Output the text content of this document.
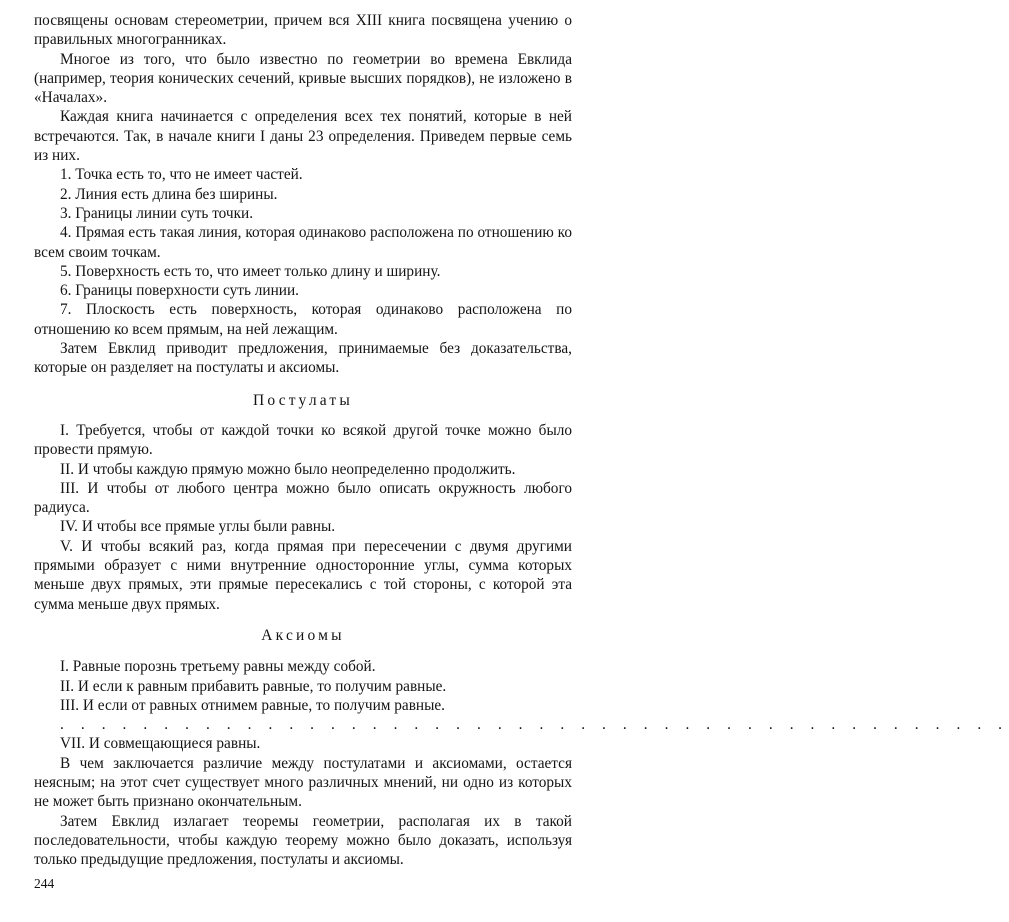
посвящены основам стереометрии, причем вся XIII книга посвящена учению о правильных многогранниках.

Многое из того, что было известно по геометрии во времена Евклида (например, теория конических сечений, кривые высших порядков), не изложено в «Началах».

Каждая книга начинается с определения всех тех понятий, которые в ней встречаются. Так, в начале книги I даны 23 определения. Приведем первые семь из них.

1. Точка есть то, что не имеет частей.

2. Линия есть длина без ширины.

3. Границы линии суть точки.

4. Прямая есть такая линия, которая одинаково расположена по отношению ко всем своим точкам.

5. Поверхность есть то, что имеет только длину и ширину.

6. Границы поверхности суть линии.

7. Плоскость есть поверхность, которая одинаково расположена по отношению ко всем прямым, на ней лежащим.

Затем Евклид приводит предложения, принимаемые без доказательства, которые он разделяет на постулаты и аксиомы.

Постулаты

I. Требуется, чтобы от каждой точки ко всякой другой точке можно было провести прямую.

II. И чтобы каждую прямую можно было неопределенно продолжить.

III. И чтобы от любого центра можно было описать окружность любого радиуса.

IV. И чтобы все прямые углы были равны.

V. И чтобы всякий раз, когда прямая при пересечении с двумя другими прямыми образует с ними внутренние односторонние углы, сумма которых меньше двух прямых, эти прямые пересекались с той стороны, с которой эта сумма меньше двух прямых.

Аксиомы

I. Равные порознь третьему равны между собой.

II. И если к равным прибавить равные, то получим равные.

III. И если от равных отнимем равные, то получим равные.

. . . . . . . . . . . . . . . . . . . . . . . . . . . . . . . . . . . . . . . . . . . . . .

VII. И совмещающиеся равны.

В чем заключается различие между постулатами и аксиомами, остается неясным; на этот счет существует много различных мнений, ни одно из которых не может быть признано окончательным.

Затем Евклид излагает теоремы геометрии, располагая их в такой последовательности, чтобы каждую теорему можно было доказать, используя только предыдущие предложения, постулаты и аксиомы.

244
